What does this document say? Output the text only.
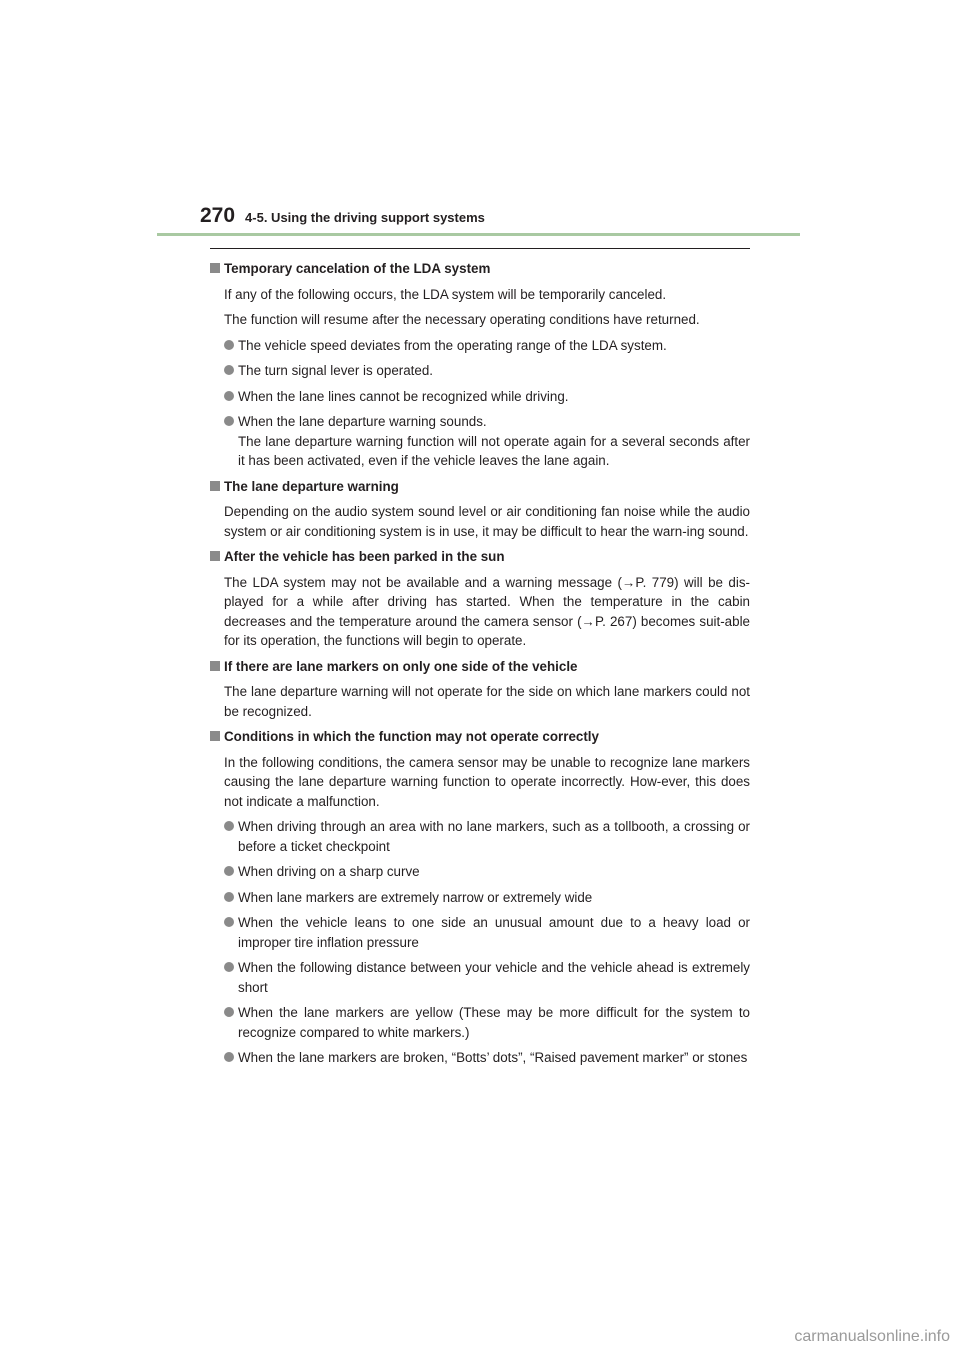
270 4-5. Using the driving support systems
Temporary cancelation of the LDA system
If any of the following occurs, the LDA system will be temporarily canceled.
The function will resume after the necessary operating conditions have returned.
The vehicle speed deviates from the operating range of the LDA system.
The turn signal lever is operated.
When the lane lines cannot be recognized while driving.
When the lane departure warning sounds.
The lane departure warning function will not operate again for a several seconds after it has been activated, even if the vehicle leaves the lane again.
The lane departure warning
Depending on the audio system sound level or air conditioning fan noise while the audio system or air conditioning system is in use, it may be difficult to hear the warn-ing sound.
After the vehicle has been parked in the sun
The LDA system may not be available and a warning message (→P. 779) will be dis-played for a while after driving has started. When the temperature in the cabin decreases and the temperature around the camera sensor (→P. 267) becomes suit-able for its operation, the functions will begin to operate.
If there are lane markers on only one side of the vehicle
The lane departure warning will not operate for the side on which lane markers could not be recognized.
Conditions in which the function may not operate correctly
In the following conditions, the camera sensor may be unable to recognize lane markers causing the lane departure warning function to operate incorrectly. How-ever, this does not indicate a malfunction.
When driving through an area with no lane markers, such as a tollbooth, a crossing or before a ticket checkpoint
When driving on a sharp curve
When lane markers are extremely narrow or extremely wide
When the vehicle leans to one side an unusual amount due to a heavy load or improper tire inflation pressure
When the following distance between your vehicle and the vehicle ahead is extremely short
When the lane markers are yellow (These may be more difficult for the system to recognize compared to white markers.)
When the lane markers are broken, “Botts’ dots”, “Raised pavement marker” or stones
carmanualsonline.info
